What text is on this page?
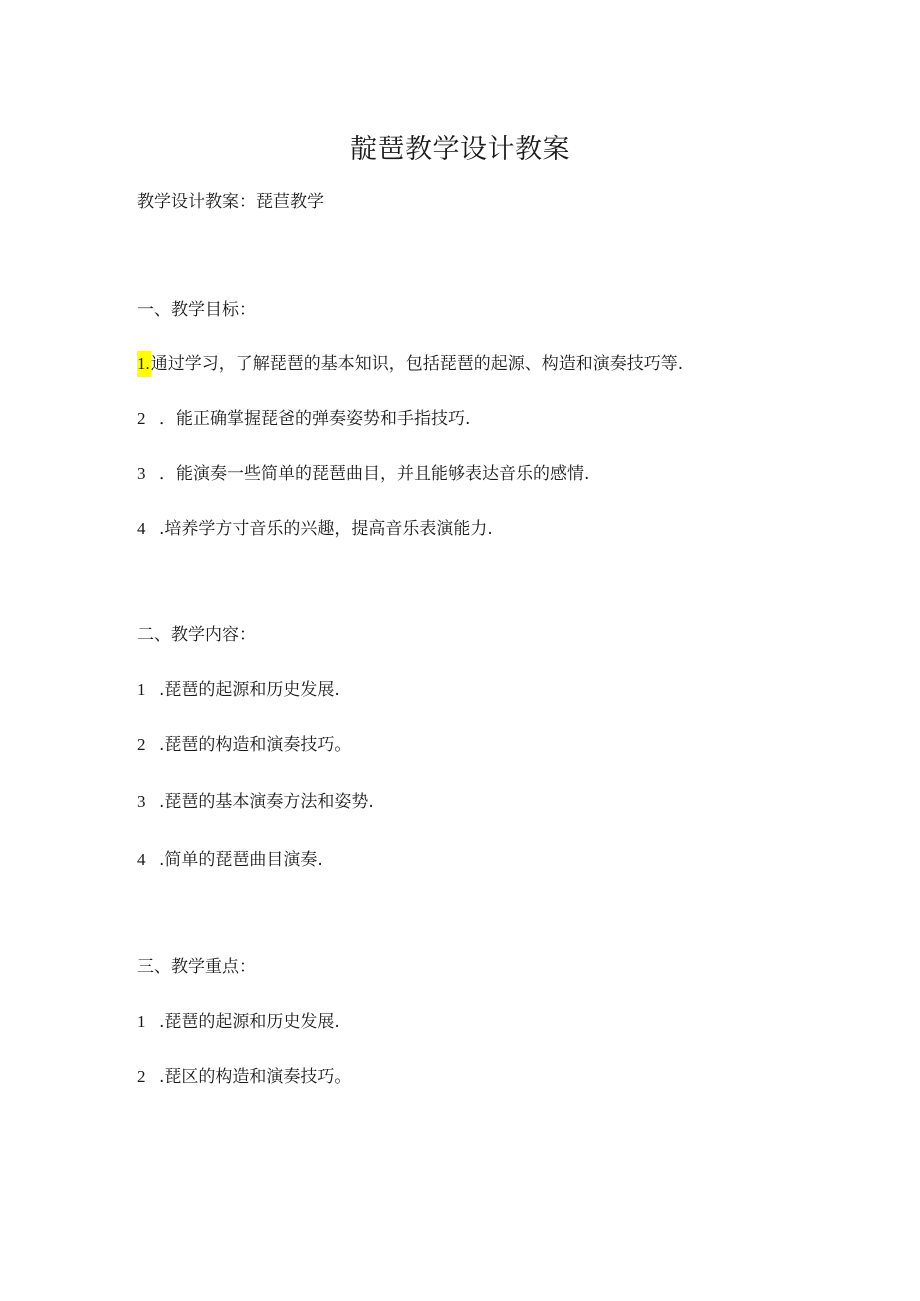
靛琶教学设计教案
教学设计教案：琵苣教学
一、教学目标：
1.通过学习，了解琵琶的基本知识，包括琵琶的起源、构造和演奏技巧等.
2 ．能正确掌握琵爸的弹奏姿势和手指技巧.
3 ．能演奏一些简单的琵琶曲目，并且能够表达音乐的感情.
4 .培养学方寸音乐的兴趣，提高音乐表演能力.
二、教学内容：
1 .琵琶的起源和历史发展.
2 .琵琶的构造和演奏技巧。
3 .琵琶的基本演奏方法和姿势.
4 .简单的琵琶曲目演奏.
三、教学重点：
1 .琵琶的起源和历史发展.
2 .琵区的构造和演奏技巧。
